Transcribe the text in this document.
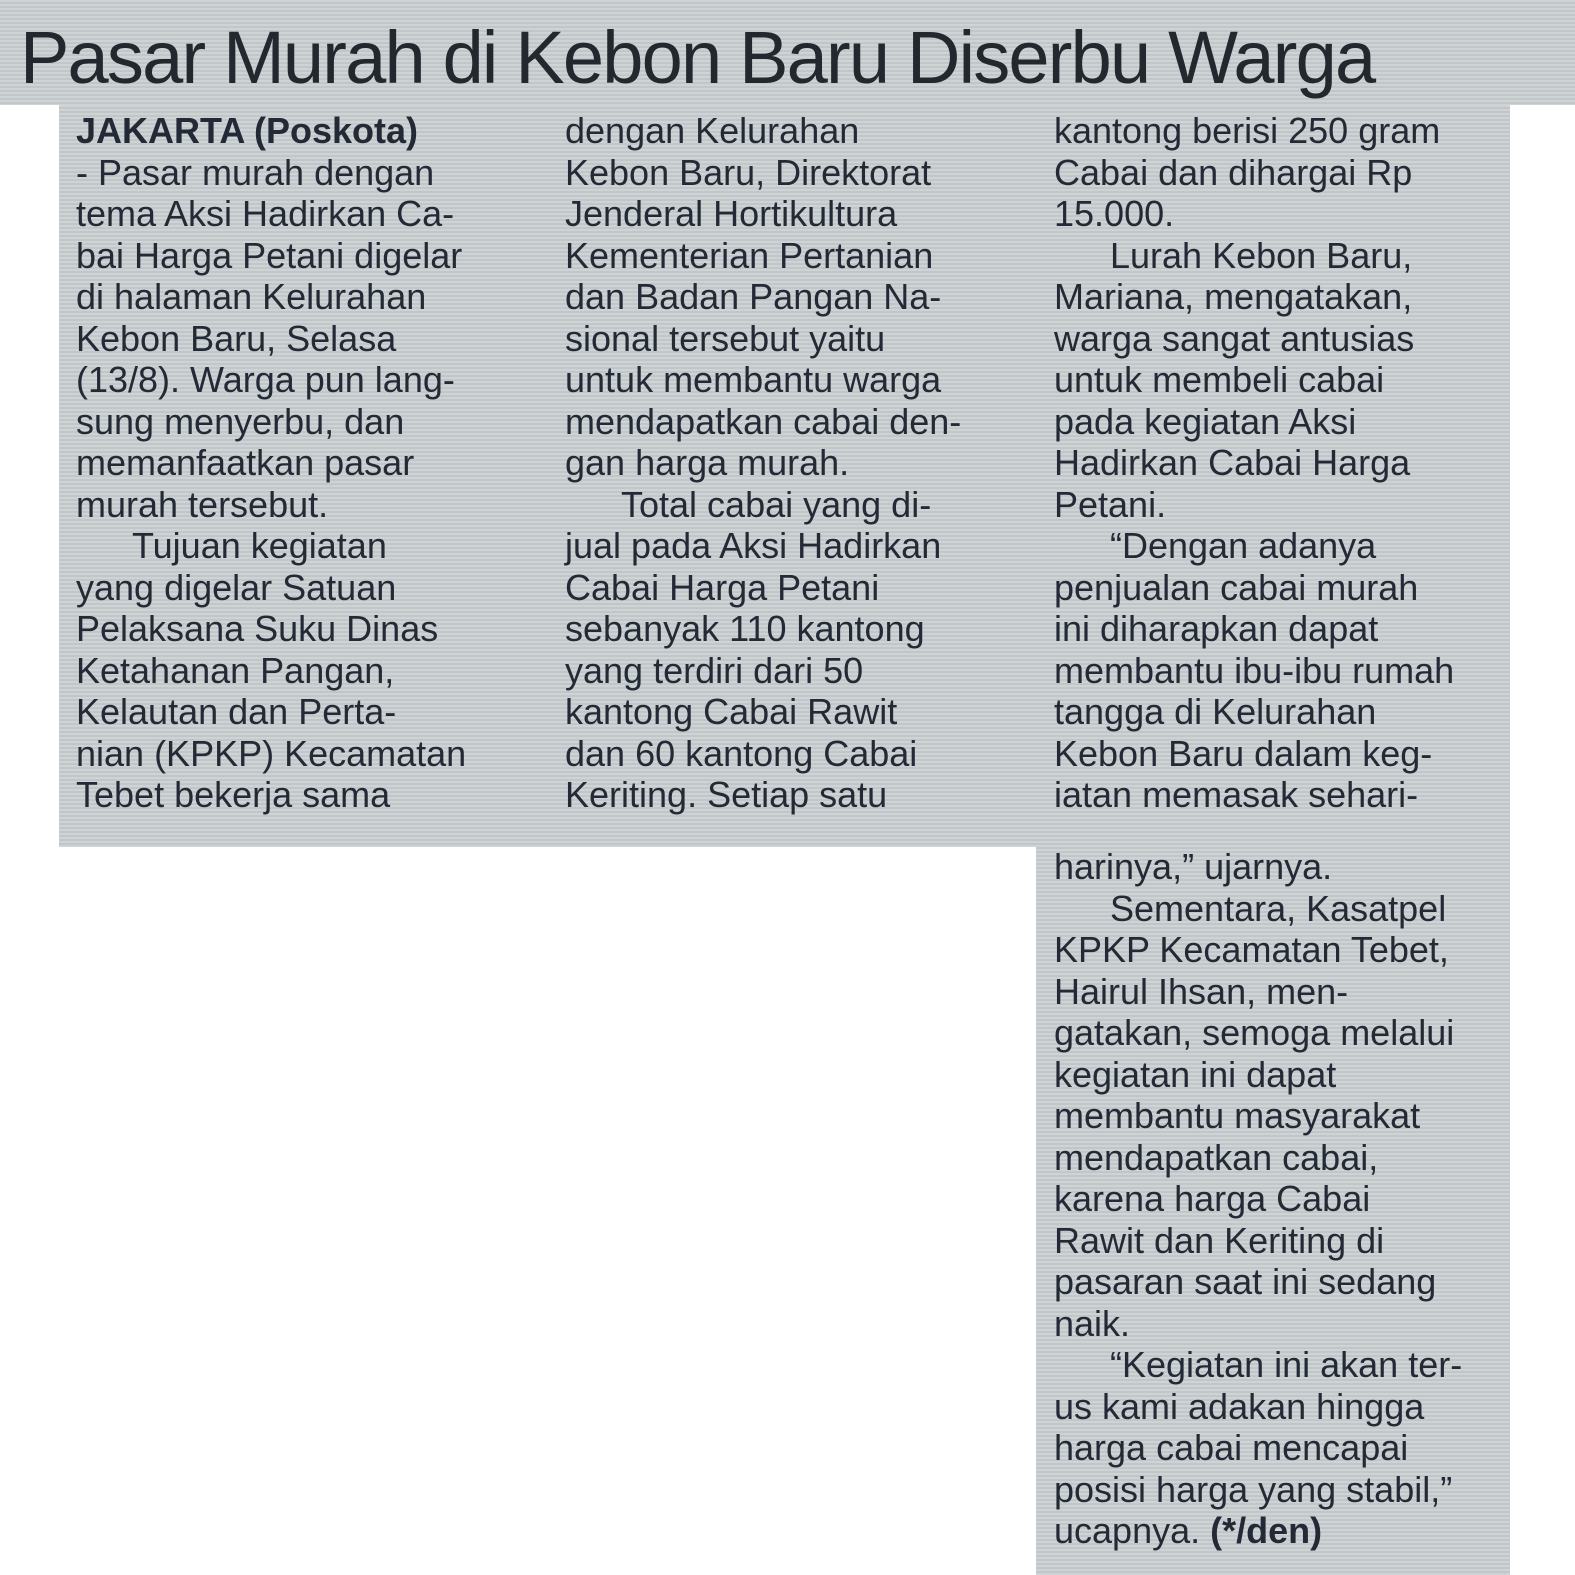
Pasar Murah di Kebon Baru Diserbu Warga
JAKARTA (Poskota)
- Pasar murah dengan
tema Aksi Hadirkan Ca-
bai Harga Petani digelar
di halaman Kelurahan
Kebon Baru, Selasa
(13/8). Warga pun lang-
sung menyerbu, dan
memanfaatkan pasar
murah tersebut.
Tujuan kegiatan
yang digelar Satuan
Pelaksana Suku Dinas
Ketahanan Pangan,
Kelautan dan Perta-
nian (KPKP) Kecamatan
Tebet bekerja sama
dengan Kelurahan
Kebon Baru, Direktorat
Jenderal Hortikultura
Kementerian Pertanian
dan Badan Pangan Na-
sional tersebut yaitu
untuk membantu warga
mendapatkan cabai den-
gan harga murah.
Total cabai yang di-
jual pada Aksi Hadirkan
Cabai Harga Petani
sebanyak 110 kantong
yang terdiri dari 50
kantong Cabai Rawit
dan 60 kantong Cabai
Keriting. Setiap satu
kantong berisi 250 gram
Cabai dan dihargai Rp
15.000.
Lurah Kebon Baru,
Mariana, mengatakan,
warga sangat antusias
untuk membeli cabai
pada kegiatan Aksi
Hadirkan Cabai Harga
Petani.
“Dengan adanya
penjualan cabai murah
ini diharapkan dapat
membantu ibu-ibu rumah
tangga di Kelurahan
Kebon Baru dalam keg-
iatan memasak sehari-
harinya,” ujarnya.
Sementara, Kasatpel
KPKP Kecamatan Tebet,
Hairul Ihsan, men-
gatakan, semoga melalui
kegiatan ini dapat
membantu masyarakat
mendapatkan cabai,
karena harga Cabai
Rawit dan Keriting di
pasaran saat ini sedang
naik.
“Kegiatan ini akan ter-
us kami adakan hingga
harga cabai mencapai
posisi harga yang stabil,”
ucapnya. (*/den)
